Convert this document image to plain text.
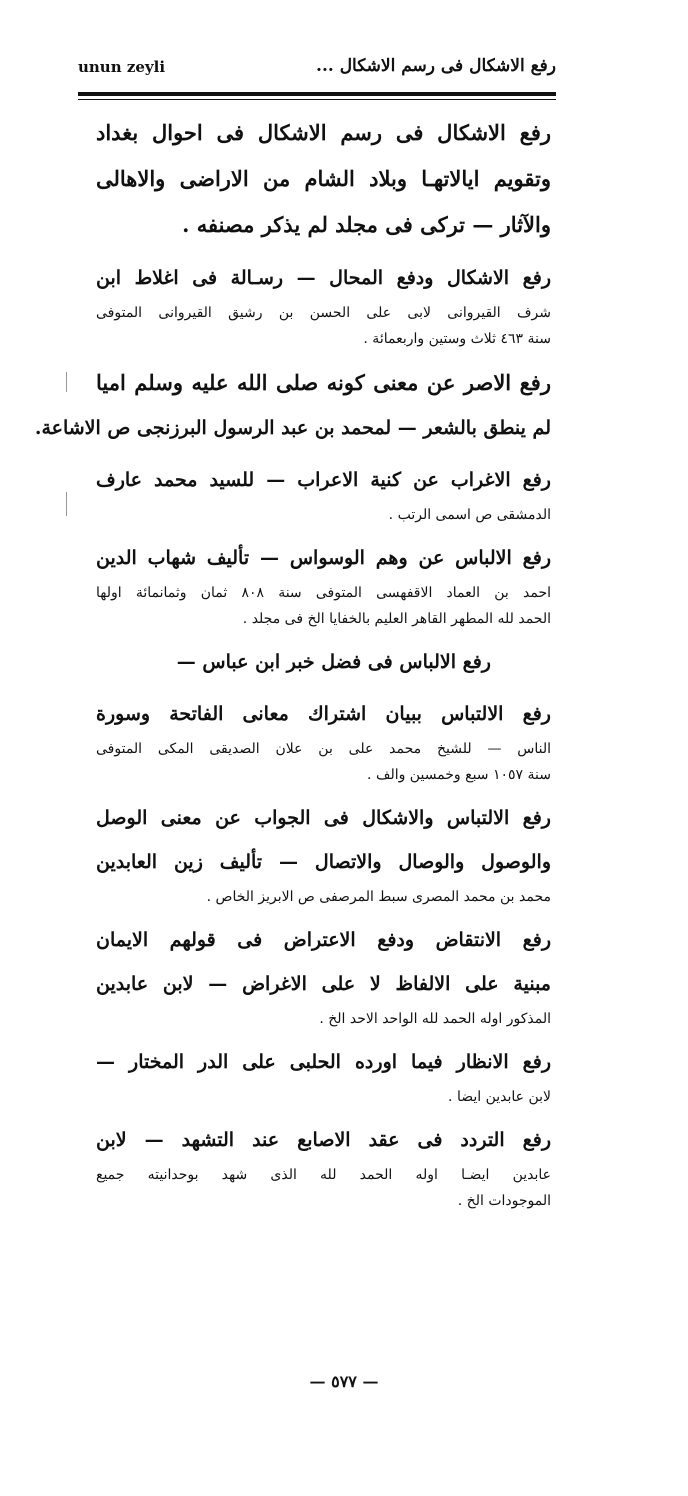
unun zeyli	رفع الاشكال فى رسم الاشكال ...
رفع الاشكال فى رسم الاشكال فى احوال بغداد
وتقويم ايالاتهـا وبلاد الشام من الاراضى والاهالى
والآثار — تركى فى مجلد لم يذكر مصنفه .
رفع الاشكال ودفع المحال — رسـالة فى اغلاط ابن
شرف القيروانى لابى على الحسن بن رشيق القيروانى المتوفى
سنة ٤٦٣ ثلاث وستين واربعمائة .
رفع الاصر عن معنى كونه صلى الله عليه وسلم اميا
لم ينطق بالشعر — لمحمد بن عبد الرسول البرزنجى ص الاشاعة.
رفع الاغراب عن كنية الاعراب — للسيد محمد عارف
الدمشقى ص اسمى الرتب .
رفع الالباس عن وهم الوسواس — تأليف شهاب الدين
احمد بن العماد الاقفهسى المتوفى سنة ٨٠٨ ثمان وثمانمائة اولها
الحمد لله المطهر القاهر العليم بالخفايا الخ فى مجلد .
رفع الالباس فى فضل خبر ابن عباس —
رفع الالتباس ببيان اشتراك معانى الفاتحة وسورة
الناس — للشيخ محمد على بن علان الصديقى المكى المتوفى
سنة ١٠٥٧ سبع وخمسين والف .
رفع الالتباس والاشكال فى الجواب عن معنى الوصل
والوصول والوصال والاتصال — تأليف زين العابدين
محمد بن محمد المصرى سبط المرصفى ص الابريز الخاص .
رفع الانتقاض ودفع الاعتراض فى قولهم الايمان
مبنية على الالفاظ لا على الاغراض — لابن عابدين
المذكور اوله الحمد لله الواحد الاحد الخ .
رفع الانظار فيما اورده الحلبى على الدر المختار —
لابن عابدين ايضا .
رفع التردد فى عقد الاصابع عند التشهد — لابن
عابدين ايضـا اوله الحمد لله الذى شهد بوحدانيته جميع
الموجودات الخ .
— ٥٧٧ —
